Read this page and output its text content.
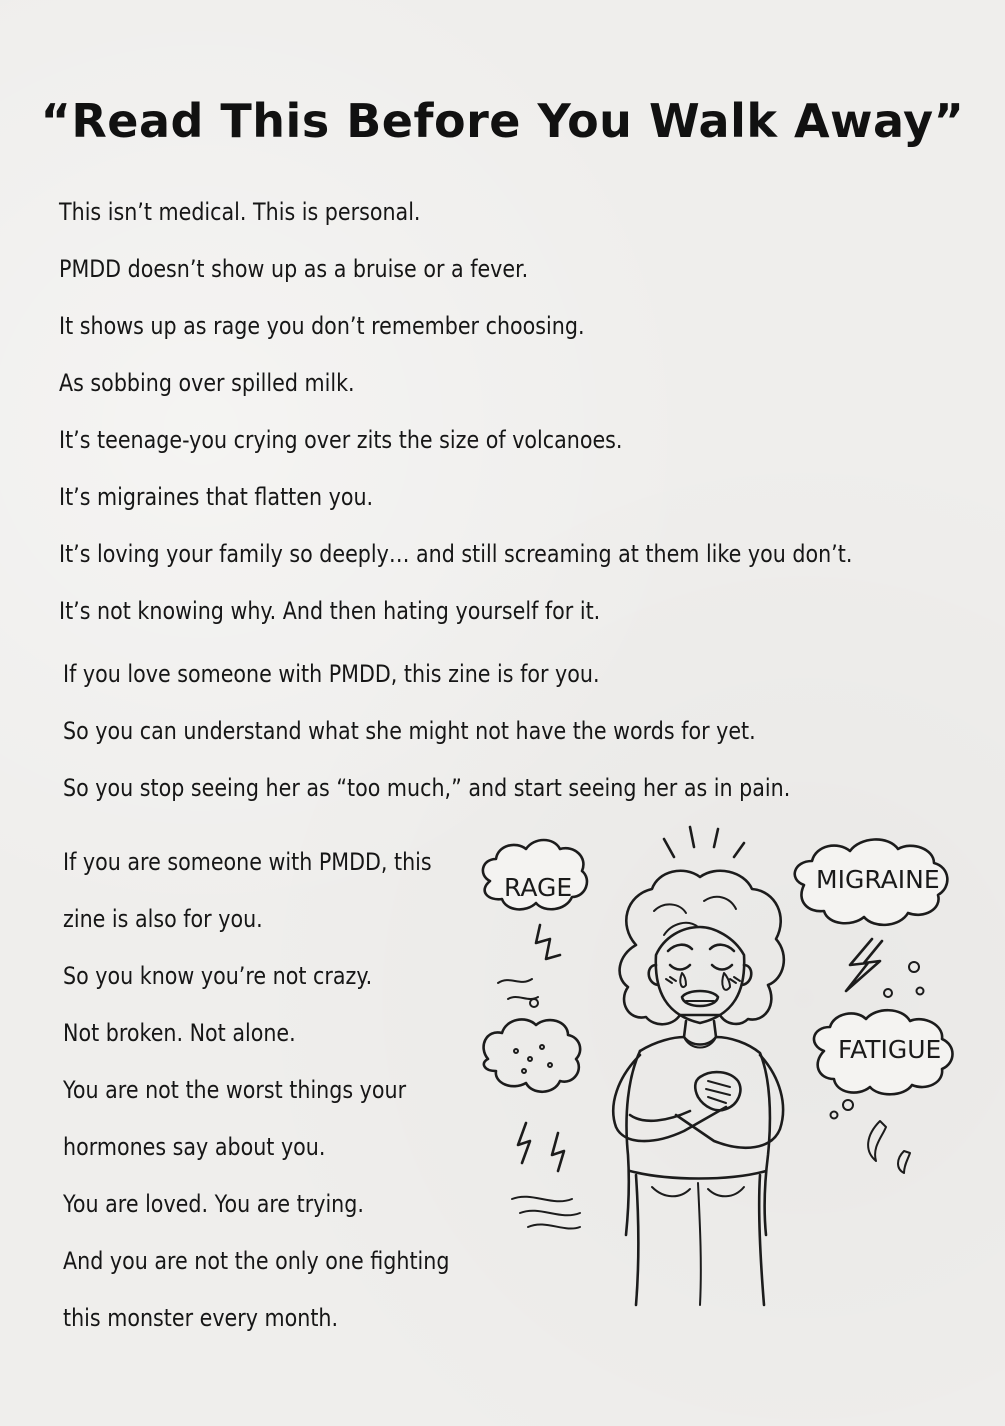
“Read This Before You Walk Away”

This isn’t medical. This is personal.

PMDD doesn’t show up as a bruise or a fever.

It shows up as rage you don’t remember choosing.

As sobbing over spilled milk.

It’s teenage-you crying over zits the size of volcanoes.

It’s migraines that flatten you.

It’s loving your family so deeply… and still screaming at them like you don’t.

It’s not knowing why. And then hating yourself for it.

If you love someone with PMDD, this zine is for you.

So you can understand what she might not have the words for yet.

So you stop seeing her as “too much,” and start seeing her as in pain.

If you are someone with PMDD, this

zine is also for you.

So you know you’re not crazy.

Not broken. Not alone.

You are not the worst things your

hormones say about you.

You are loved. You are trying.

And you are not the only one fighting

this monster every month.

RAGE	MIGRAINE
FATIGUE
